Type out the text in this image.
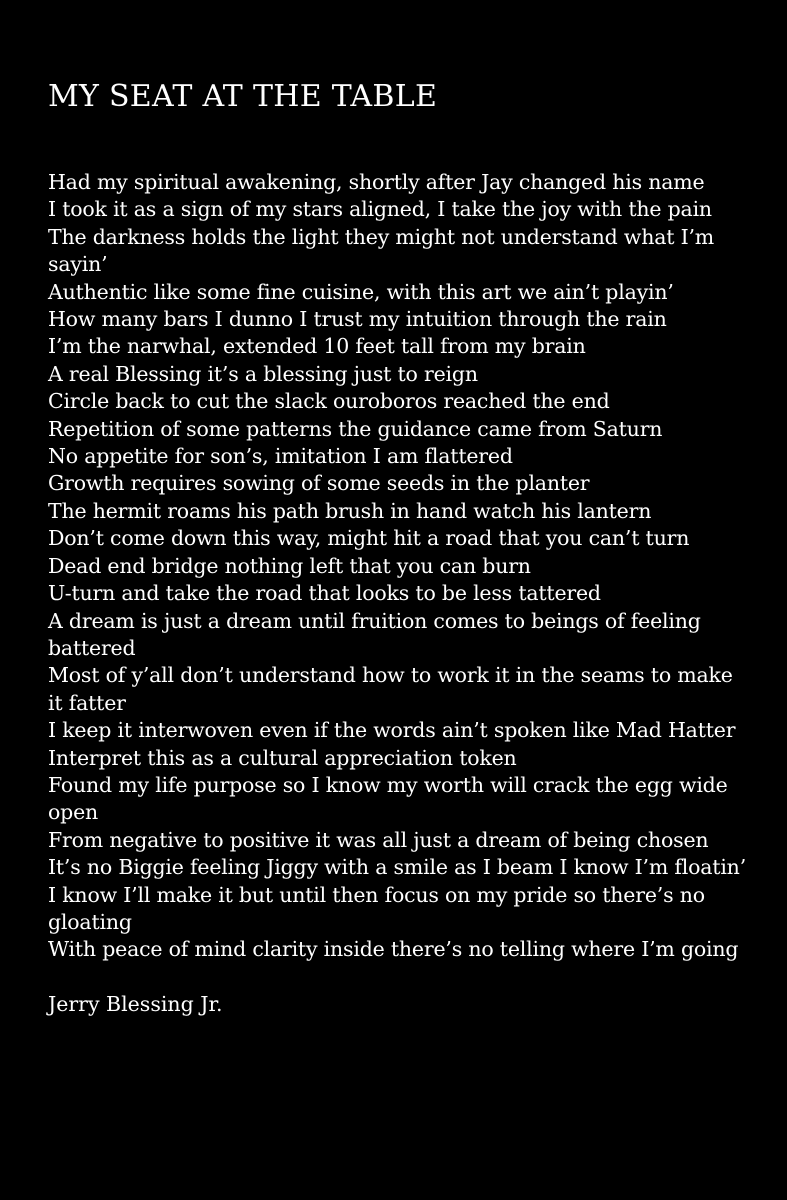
MY SEAT AT THE TABLE
Had my spiritual awakening, shortly after Jay changed his name
I took it as a sign of my stars aligned, I take the joy with the pain
The darkness holds the light they might not understand what I’m sayin’
Authentic like some fine cuisine, with this art we ain’t playin’
How many bars I dunno I trust my intuition through the rain
I’m the narwhal, extended 10 feet tall from my brain
A real Blessing it’s a blessing just to reign
Circle back to cut the slack ouroboros reached the end
Repetition of some patterns the guidance came from Saturn
No appetite for son’s, imitation I am flattered
Growth requires sowing of some seeds in the planter
The hermit roams his path brush in hand watch his lantern
Don’t come down this way, might hit a road that you can’t turn
Dead end bridge nothing left that you can burn
U-turn and take the road that looks to be less tattered
A dream is just a dream until fruition comes to beings of feeling battered
Most of y’all don’t understand how to work it in the seams to make it fatter
I keep it interwoven even if the words ain’t spoken like Mad Hatter
Interpret this as a cultural appreciation token
Found my life purpose so I know my worth will crack the egg wide open
From negative to positive it was all just a dream of being chosen
It’s no Biggie feeling Jiggy with a smile as I beam I know I’m floatin’
I know I’ll make it but until then focus on my pride so there’s no gloating
With peace of mind clarity inside there’s no telling where I’m going
Jerry Blessing Jr.
